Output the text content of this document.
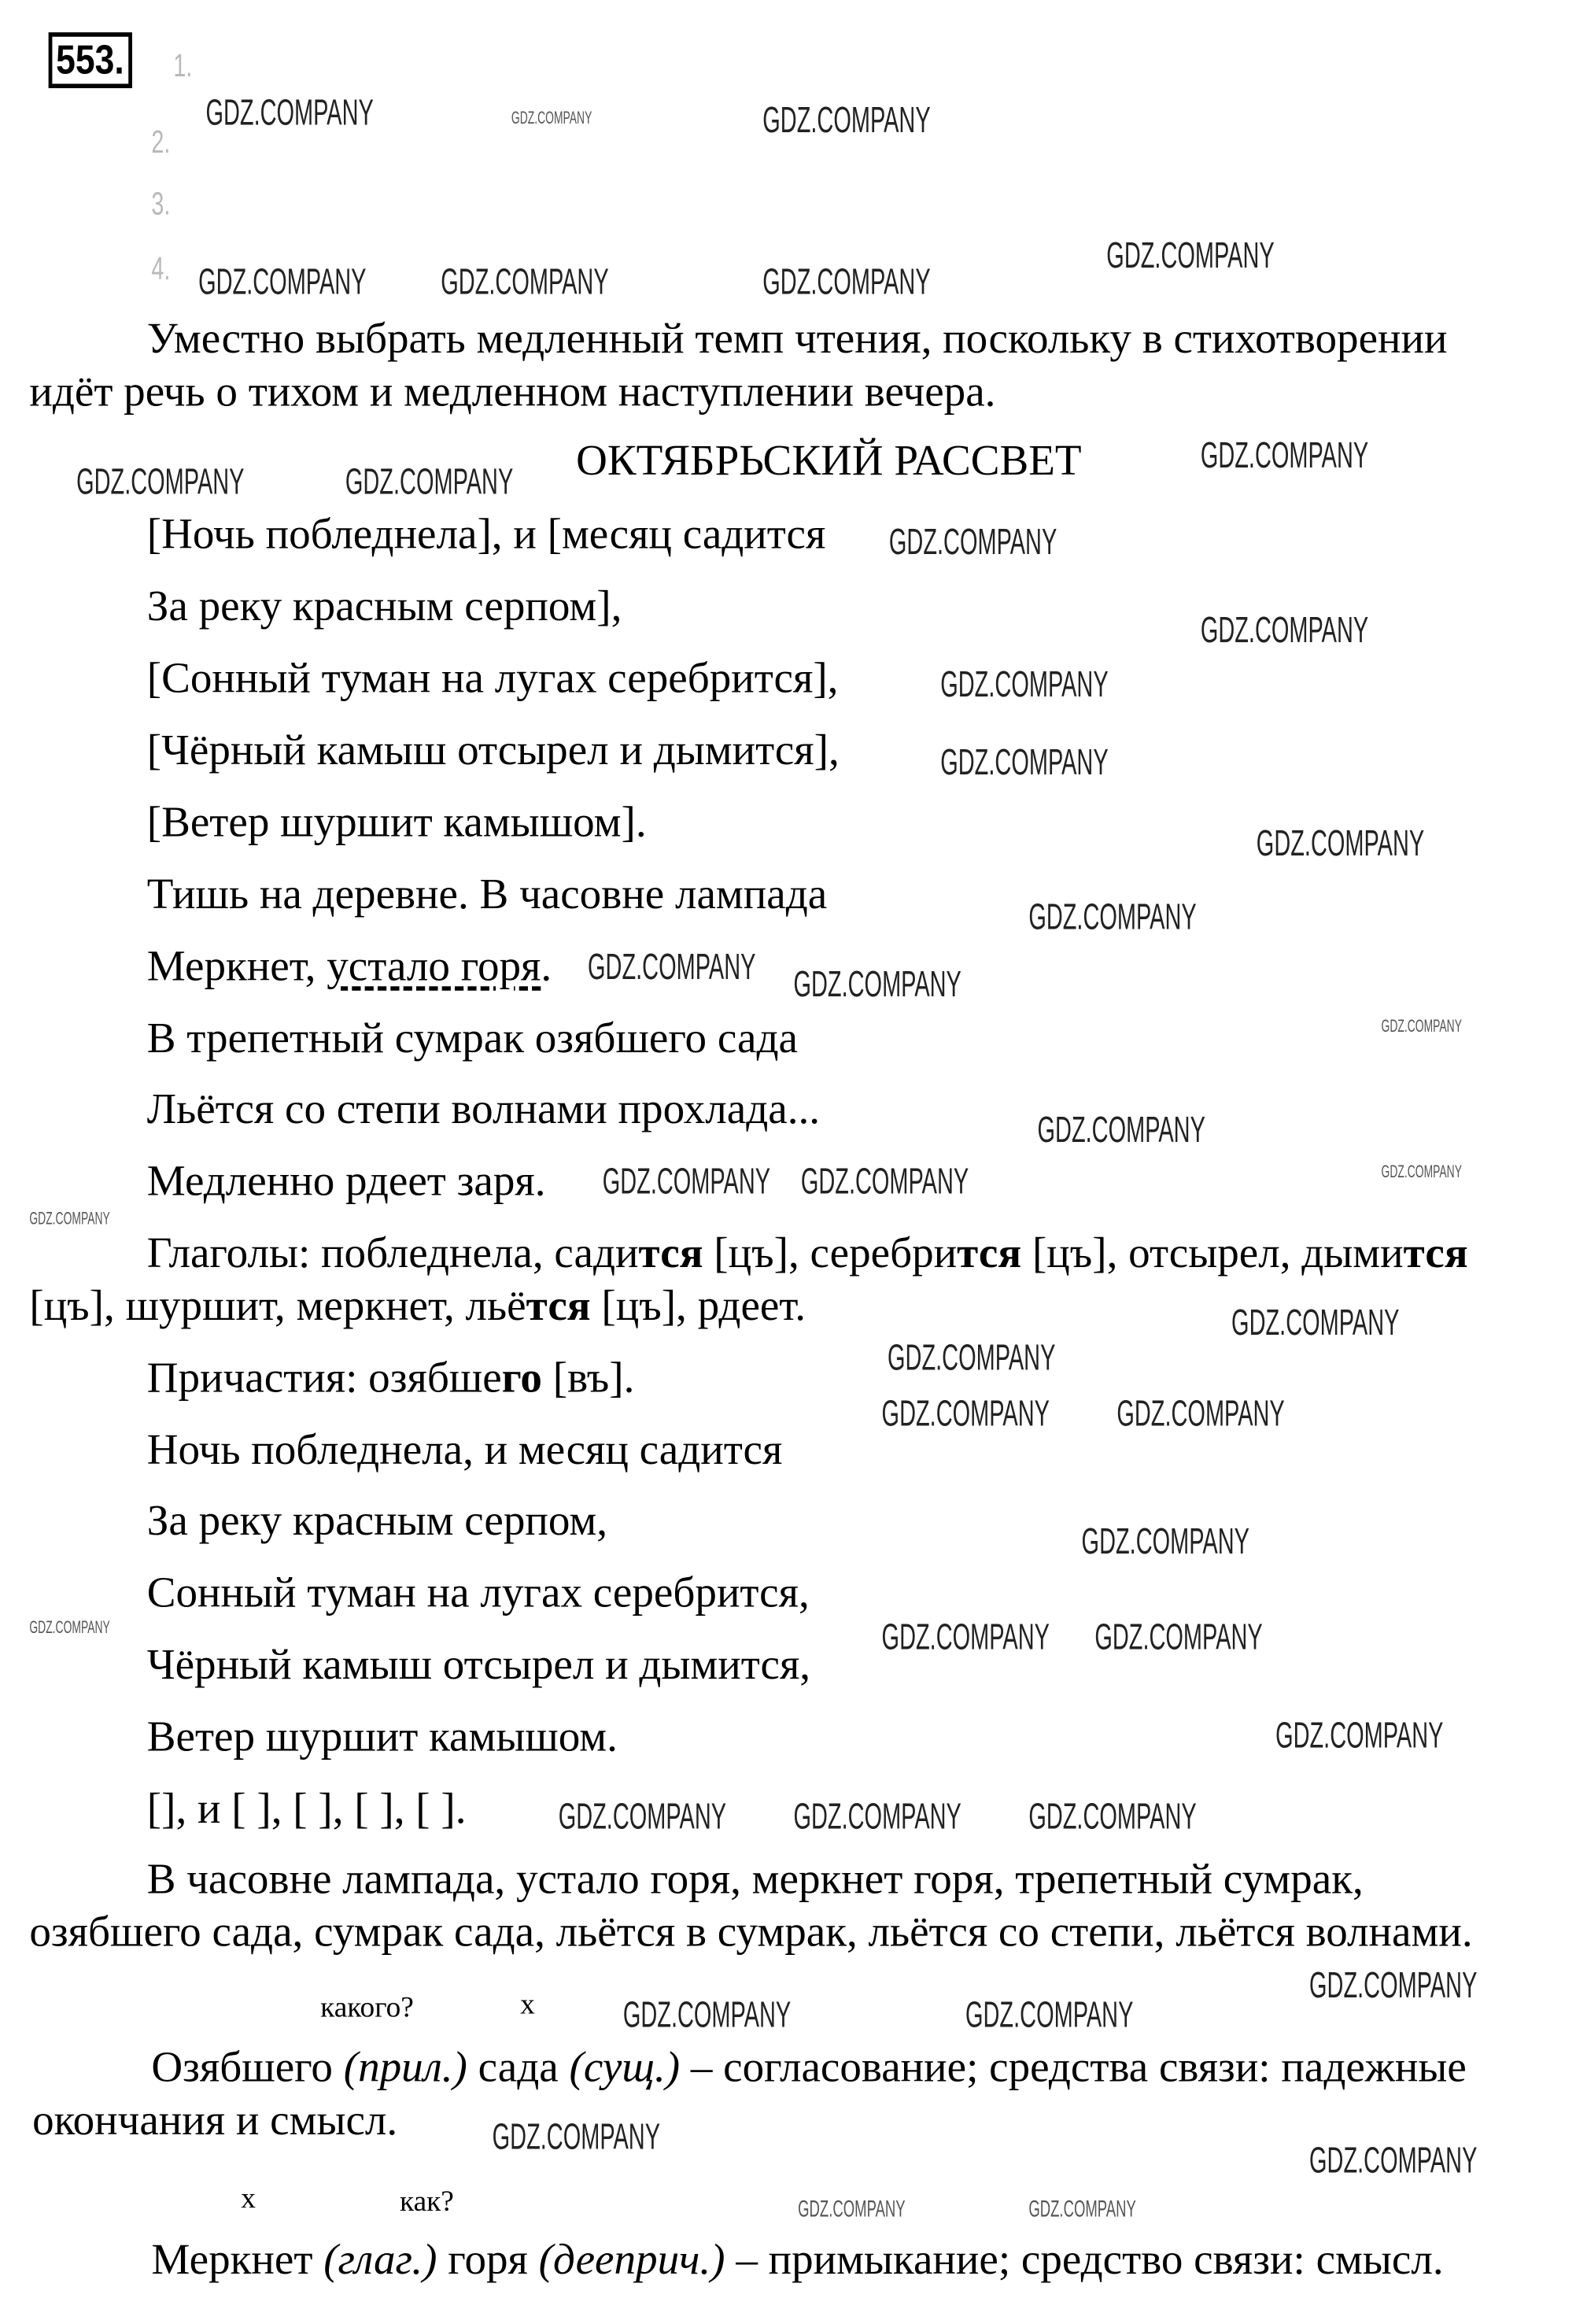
553.	1.
2.
3.
4.
Уместно выбрать медленный темп чтения, поскольку в стихотворении
идёт речь о тихом и медленном наступлении вечера.
ОКТЯБРЬСКИЙ РАССВЕТ
[Ночь побледнела], и [месяц садится
За реку красным серпом],
[Сонный туман на лугах серебрится],
[Чёрный камыш отсырел и дымится],
[Ветер шуршит камышом].
Тишь на деревне. В часовне лампада
Меркнет, устало горя.
В трепетный сумрак озябшего сада
Льётся со степи волнами прохлада...
Медленно рдеет заря.
Глаголы: побледнела, садится [цъ], серебрится [цъ], отсырел, дымится
[цъ], шуршит, меркнет, льётся [цъ], рдеет.
Причастия: озябшего [въ].
Ночь побледнела, и месяц садится
За реку красным серпом,
Сонный туман на лугах серебрится,
Чёрный камыш отсырел и дымится,
Ветер шуршит камышом.
[], и [ ], [ ], [ ], [ ].
В часовне лампада, устало горя, меркнет горя, трепетный сумрак,
озябшего сада, сумрак сада, льётся в сумрак, льётся со степи, льётся волнами.
какого?	x
Озябшего (прил.) сада (сущ.) – согласование; средства связи: падежные
окончания и смысл.
x	как?
Меркнет (глаг.) горя (дееприч.) – примыкание; средство связи: смысл.
GDZ.COMPANY	GDZ.COMPANY	GDZ.COMPANY
GDZ.COMPANY
GDZ.COMPANY	GDZ.COMPANY	GDZ.COMPANY
GDZ.COMPANY
GDZ.COMPANY	GDZ.COMPANY
GDZ.COMPANY
GDZ.COMPANY
GDZ.COMPANY
GDZ.COMPANY
GDZ.COMPANY
GDZ.COMPANY
GDZ.COMPANY GDZ.COMPANY
GDZ.COMPANY
GDZ.COMPANY
GDZ.COMPANY
GDZ.COMPANY GDZ.COMPANY
GDZ.COMPANY
GDZ.COMPANY
GDZ.COMPANY
GDZ.COMPANY	GDZ.COMPANY
GDZ.COMPANY
GDZ.COMPANY	GDZ.COMPANY GDZ.COMPANY
GDZ.COMPANY
GDZ.COMPANY	GDZ.COMPANY	GDZ.COMPANY
GDZ.COMPANY
GDZ.COMPANY	GDZ.COMPANY
GDZ.COMPANY
GDZ.COMPANY
GDZ.COMPANY	GDZ.COMPANY
